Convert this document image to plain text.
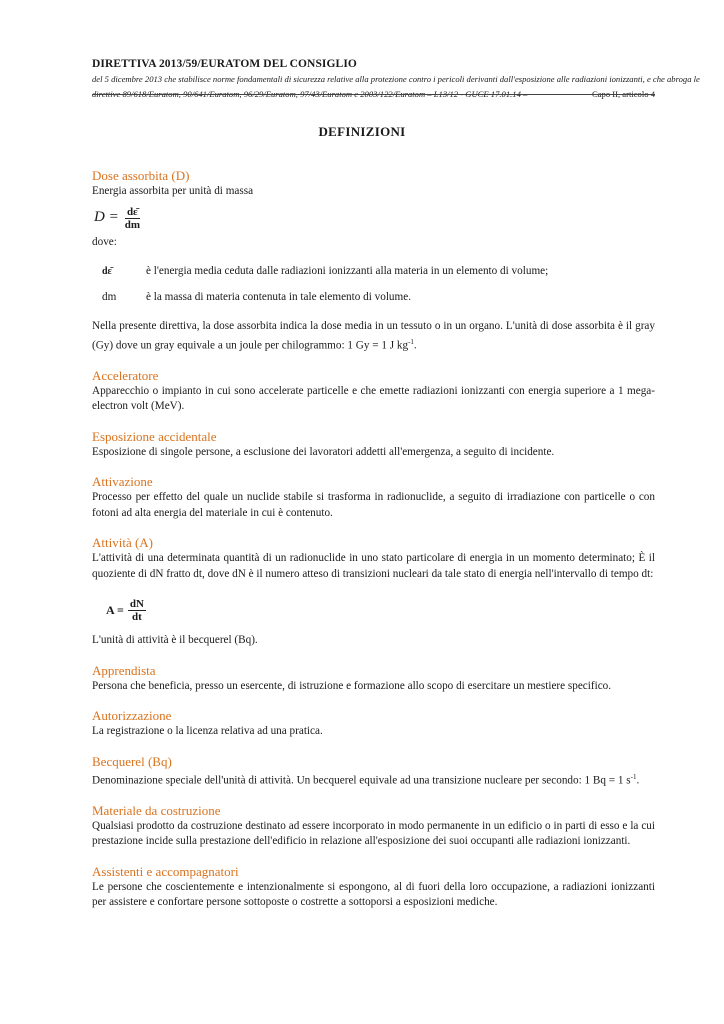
DIRETTIVA 2013/59/EURATOM DEL CONSIGLIO
del 5 dicembre 2013 che stabilisce norme fondamentali di sicurezza relative alla protezione contro i pericoli derivanti dall'esposizione alle radiazioni ionizzanti, e che abroga le
direttive 89/618/Euratom, 90/641/Euratom, 96/29/Euratom, 97/43/Euratom e 2003/122/Euratom – L13/12 - GUCE 17.01.14 –	Capo II, articolo 4
DEFINIZIONI
Dose assorbita (D)
Energia assorbita per unità di massa
$D = \frac{d\varepsilon̄}{dm}$
dove:
dε̄	è l'energia media ceduta dalle radiazioni ionizzanti alla materia in un elemento di volume;
dm	è la massa di materia contenuta in tale elemento di volume.
Nella presente direttiva, la dose assorbita indica la dose media in un tessuto o in un organo. L'unità di dose assorbita è il gray (Gy) dove un gray equivale a un joule per chilogrammo: 1 Gy = 1 J $kg^{-1}$.
Acceleratore
Apparecchio o impianto in cui sono accelerate particelle e che emette radiazioni ionizzanti con energia superiore a 1 mega-electron volt (MeV).
Esposizione accidentale
Esposizione di singole persone, a esclusione dei lavoratori addetti all'emergenza, a seguito di incidente.
Attivazione
Processo per effetto del quale un nuclide stabile si trasforma in radionuclide, a seguito di irradiazione con particelle o con fotoni ad alta energia del materiale in cui è contenuto.
Attività (A)
L'attività di una determinata quantità di un radionuclide in uno stato particolare di energia in un momento determinato; È il quoziente di dN fratto dt, dove dN è il numero atteso di transizioni nucleari da tale stato di energia nell'intervallo di tempo dt:
$A = \frac{dN}{dt}$
L'unità di attività è il becquerel (Bq).
Apprendista
Persona che beneficia, presso un esercente, di istruzione e formazione allo scopo di esercitare un mestiere specifico.
Autorizzazione
La registrazione o la licenza relativa ad una pratica.
Becquerel (Bq)
Denominazione speciale dell'unità di attività. Un becquerel equivale ad una transizione nucleare per secondo: 1 Bq = 1 $s^{-1}$.
Materiale da costruzione
Qualsiasi prodotto da costruzione destinato ad essere incorporato in modo permanente in un edificio o in parti di esso e la cui prestazione incide sulla prestazione dell'edificio in relazione all'esposizione dei suoi occupanti alle radiazioni ionizzanti.
Assistenti e accompagnatori
Le persone che coscientemente e intenzionalmente si espongono, al di fuori della loro occupazione, a radiazioni ionizzanti per assistere e confortare persone sottoposte o costrette a sottoporsi a esposizioni mediche.
